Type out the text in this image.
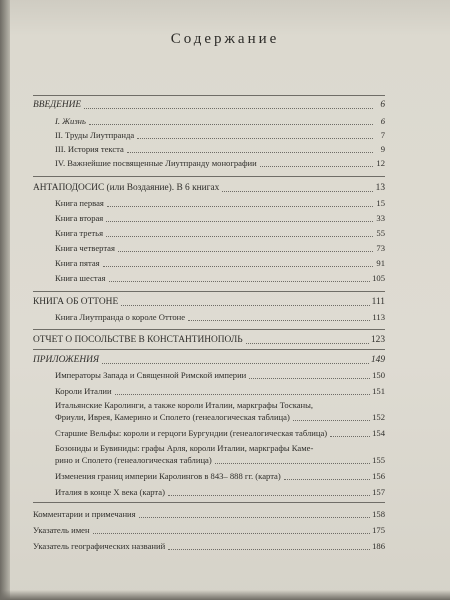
Содержание
ВВЕДЕНИЕ	6
I. Жизнь	6
II. Труды Лиутпранда	7
III. История текста	9
IV. Важнейшие посвященные Лиутпранду монографии	12
АНТАПОДОСИС (или Воздаяние). В 6 книгах	13
Книга первая	15
Книга вторая	33
Книга третья	55
Книга четвертая	73
Книга пятая	91
Книга шестая	105
КНИГА ОБ ОТТОНЕ	111
Книга Лиутпранда о короле Оттоне	113
ОТЧЕТ О ПОСОЛЬСТВЕ В КОНСТАНТИНОПОЛЬ	123
ПРИЛОЖЕНИЯ	149
Императоры Запада и Священной Римской империи	150
Короли Италии	151
Итальянские Каролинги, а также короли Италии, маркграфы Тосканы,
Фриули, Иврея, Камерино и Сполето (генеалогическая таблица)	152
Старшие Вельфы: короли и герцоги Бургундии (генеалогическая таблица)	154
Бозониды и Бувиниды: графы Арля, короли Италии, маркграфы Каме-
рино и Сполето (генеалогическая таблица)	155
Изменения границ империи Каролингов в 843– 888 гг. (карта)	156
Италия в конце X века (карта)	157
Комментарии и примечания	158
Указатель имен	175
Указатель географических названий	186
